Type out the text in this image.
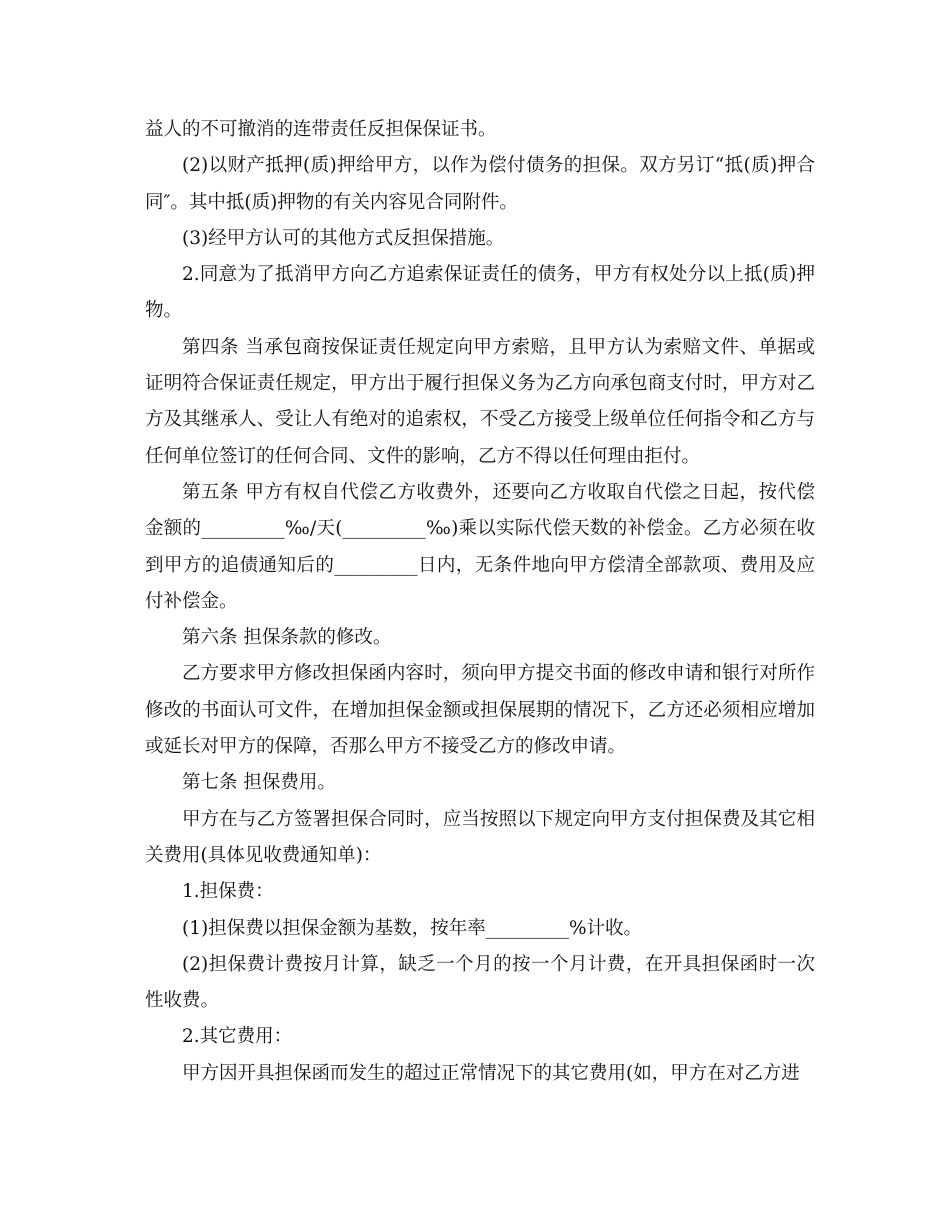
益人的不可撤消的连带责任反担保保证书。

(2)以财产抵押(质)押给甲方，以作为偿付债务的担保。双方另订“抵(质)押合同″。其中抵(质)押物的有关内容见合同附件。

(3)经甲方认可的其他方式反担保措施。

2.同意为了抵消甲方向乙方追索保证责任的债务，甲方有权处分以上抵(质)押物。

第四条 当承包商按保证责任规定向甲方索赔，且甲方认为索赔文件、单据或证明符合保证责任规定，甲方出于履行担保义务为乙方向承包商支付时，甲方对乙方及其继承人、受让人有绝对的追索权，不受乙方接受上级单位任何指令和乙方与任何单位签订的任何合同、文件的影响，乙方不得以任何理由拒付。

第五条 甲方有权自代偿乙方收费外，还要向乙方收取自代偿之日起，按代偿金额的_________‰/天(_________‰)乘以实际代偿天数的补偿金。乙方必须在收到甲方的追债通知后的_________日内，无条件地向甲方偿清全部款项、费用及应付补偿金。

第六条 担保条款的修改。

乙方要求甲方修改担保函内容时，须向甲方提交书面的修改申请和银行对所作修改的书面认可文件，在增加担保金额或担保展期的情况下，乙方还必须相应增加或延长对甲方的保障，否那么甲方不接受乙方的修改申请。

第七条 担保费用。

甲方在与乙方签署担保合同时，应当按照以下规定向甲方支付担保费及其它相关费用(具体见收费通知单)：

1.担保费：

(1)担保费以担保金额为基数，按年率_________%计收。

(2)担保费计费按月计算，缺乏一个月的按一个月计费，在开具担保函时一次性收费。

2.其它费用：

甲方因开具担保函而发生的超过正常情况下的其它费用(如，甲方在对乙方进
